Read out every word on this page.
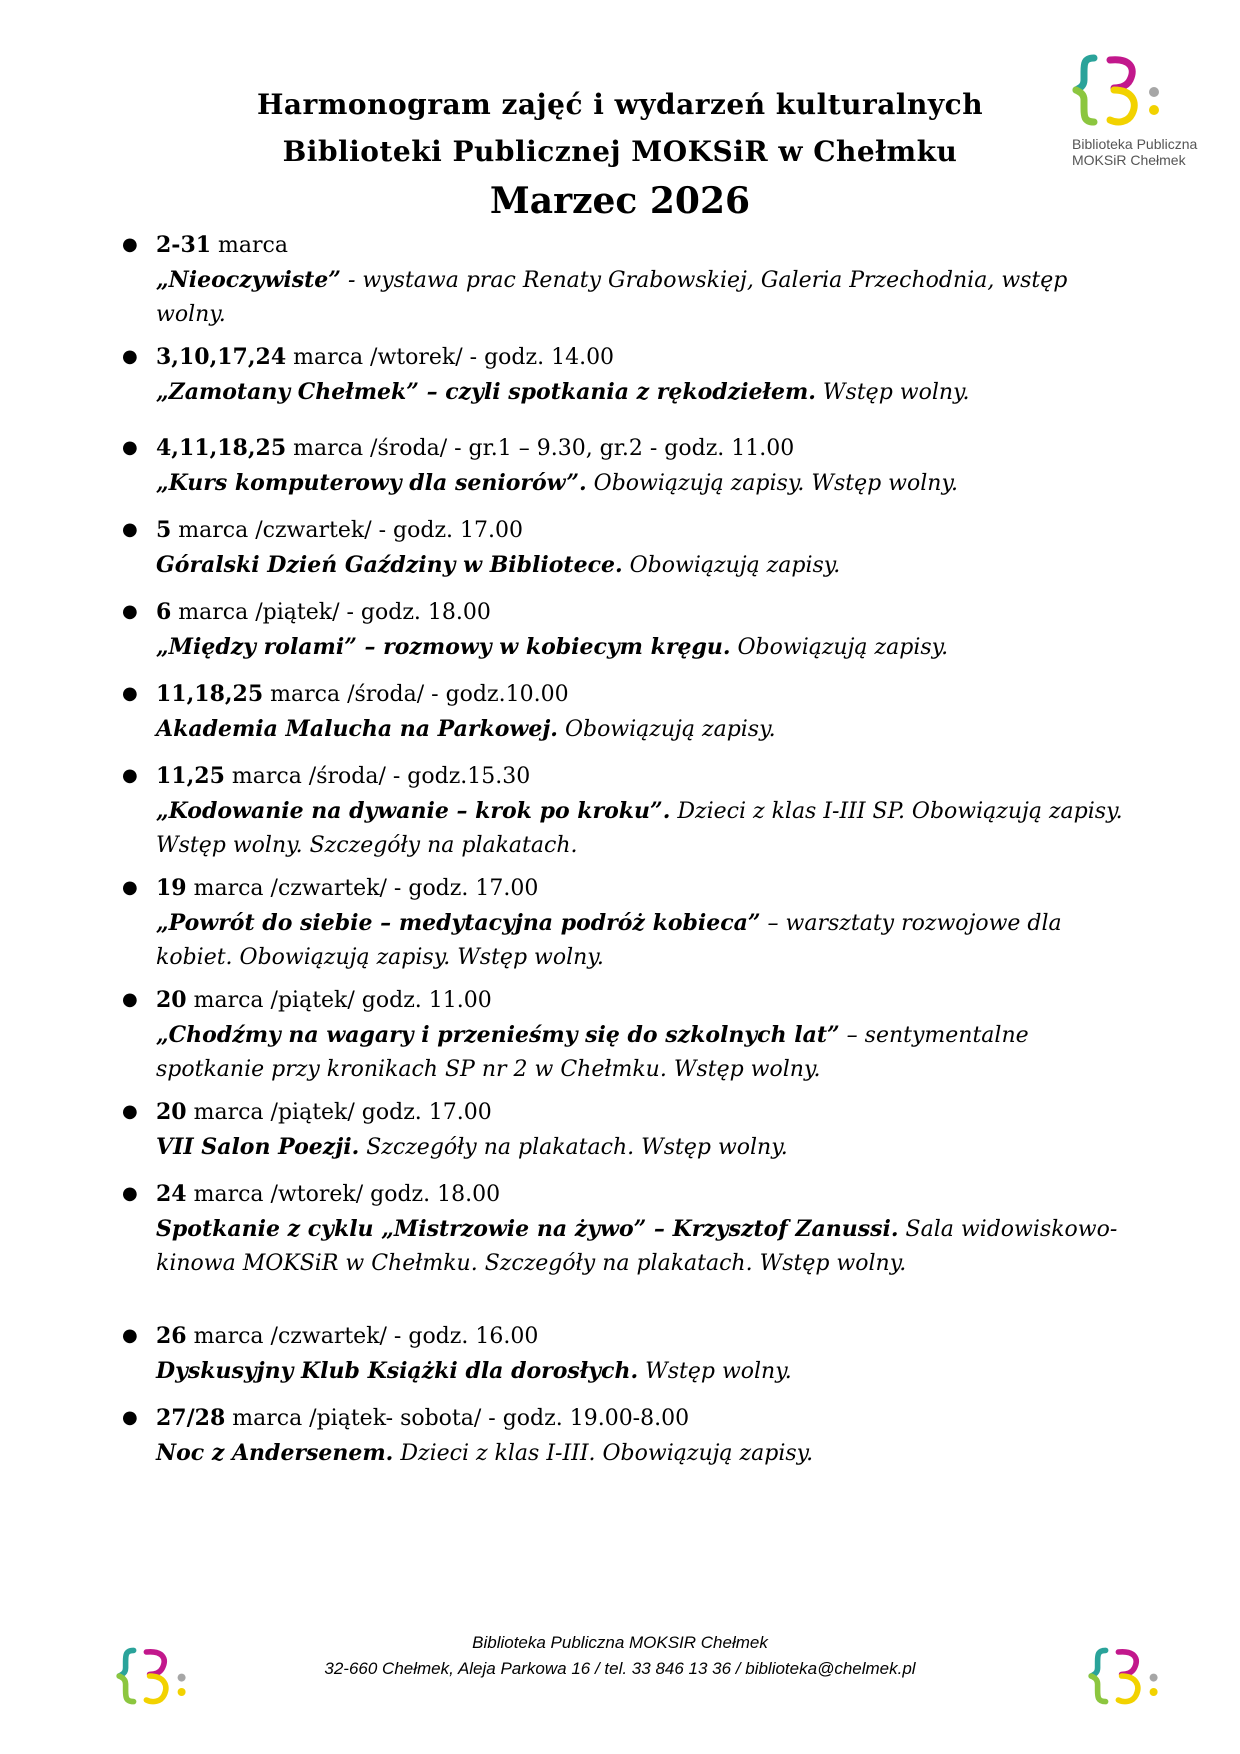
Harmonogram zajęć i wydarzeń kulturalnych
Biblioteki Publicznej MOKSiR w Chełmku
Marzec 2026
Biblioteka Publiczna
MOKSiR Chełmek
● 2-31 marca
„Nieoczywiste” - wystawa prac Renaty Grabowskiej, Galeria Przechodnia, wstęp wolny.
● 3,10,17,24 marca /wtorek/ - godz. 14.00
„Zamotany Chełmek” – czyli spotkania z rękodziełem. Wstęp wolny.
● 4,11,18,25 marca /środa/ - gr.1 – 9.30, gr.2 - godz. 11.00
„Kurs komputerowy dla seniorów”. Obowiązują zapisy. Wstęp wolny.
● 5 marca /czwartek/ - godz. 17.00
Góralski Dzień Gaździny w Bibliotece. Obowiązują zapisy.
● 6 marca /piątek/ - godz. 18.00
„Między rolami” – rozmowy w kobiecym kręgu. Obowiązują zapisy.
● 11,18,25 marca /środa/ - godz.10.00
Akademia Malucha na Parkowej. Obowiązują zapisy.
● 11,25 marca /środa/ - godz.15.30
„Kodowanie na dywanie – krok po kroku”. Dzieci z klas I-III SP. Obowiązują zapisy. Wstęp wolny. Szczegóły na plakatach.
● 19 marca /czwartek/ - godz. 17.00
„Powrót do siebie – medytacyjna podróż kobieca” – warsztaty rozwojowe dla kobiet. Obowiązują zapisy. Wstęp wolny.
● 20 marca /piątek/ godz. 11.00
„Chodźmy na wagary i przenieśmy się do szkolnych lat” – sentymentalne spotkanie przy kronikach SP nr 2 w Chełmku. Wstęp wolny.
● 20 marca /piątek/ godz. 17.00
VII Salon Poezji. Szczegóły na plakatach. Wstęp wolny.
● 24 marca /wtorek/ godz. 18.00
Spotkanie z cyklu „Mistrzowie na żywo” – Krzysztof Zanussi. Sala widowiskowo-kinowa MOKSiR w Chełmku. Szczegóły na plakatach. Wstęp wolny.
● 26 marca /czwartek/ - godz. 16.00
Dyskusyjny Klub Książki dla dorosłych. Wstęp wolny.
● 27/28 marca /piątek- sobota/ - godz. 19.00-8.00
Noc z Andersenem. Dzieci z klas I-III. Obowiązują zapisy.
Biblioteka Publiczna MOKSIR Chełmek
32-660 Chełmek, Aleja Parkowa 16 / tel. 33 846 13 36 / biblioteka@chelmek.pl
